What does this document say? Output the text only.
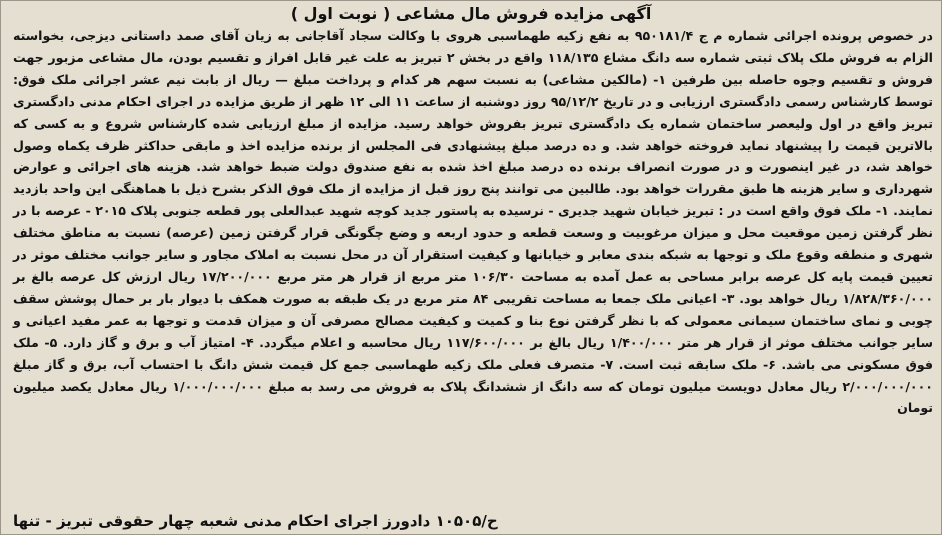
آگهی مزایده فروش مال مشاعی ( نوبت اول )
در خصوص پرونده اجرائی شماره م ج ۹۵۰۱۸۱/۴ به نفع زکیه طهماسبی هروی با وکالت سجاد آقاجانی به زیان آقای صمد داستانی دیزجی، بخواسته الزام به فروش ملک پلاک ثبتی شماره سه دانگ مشاع ۱۱۸/۱۳۵ واقع در بخش ۲ تبریز به علت غیر قابل افراز و تقسیم بودن، مال مشاعی مزبور جهت فروش و تقسیم وجوه حاصله بین طرفین ۱- (مالکین مشاعی) به نسبت سهم هر کدام و پرداخت مبلغ — ریال از بابت نیم عشر اجرائی ملک فوق: توسط کارشناس رسمی دادگستری ارزیابی و در تاریخ ۹۵/۱۲/۲ روز دوشنبه از ساعت ۱۱ الی ۱۲ ظهر از طریق مزایده در اجرای احکام مدنی دادگستری تبریز واقع در اول ولیعصر ساختمان شماره یک دادگستری تبریز بفروش خواهد رسید. مزایده از مبلغ ارزیابی شده کارشناس شروع و به کسی که بالاترین قیمت را پیشنهاد نماید فروخته خواهد شد. و ده درصد مبلغ پیشنهادی فی المجلس از برنده مزایده اخذ و مابقی حداکثر ظرف یکماه وصول خواهد شد، در غیر اینصورت و در صورت انصراف برنده ده درصد مبلغ اخذ شده به نفع صندوق دولت ضبط خواهد شد. هزینه های اجرائی و عوارض شهرداری و سایر هزینه ها طبق مقررات خواهد بود. طالبین می توانند پنج روز قبل از مزایده از ملک فوق الذکر بشرح ذیل با هماهنگی این واحد بازدید نمایند. ۱- ملک فوق واقع است در : تبریز خیابان شهید جدیری - نرسیده به پاستور جدید کوچه شهید عبدالعلی پور قطعه جنوبی پلاک ۲۰۱۵ - عرصه با در نظر گرفتن زمین موقعیت محل و میزان مرغوبیت و وسعت قطعه و حدود اربعه و وضع چگونگی قرار گرفتن زمین (عرصه) نسبت به مناطق مختلف شهری و منطقه وقوع ملک و توجها به شبکه بندی معابر و خیابانها و کیفیت استقرار آن در محل نسبت به املاک مجاور و سایر جوانب مختلف موثر در تعیین قیمت پایه کل عرصه برابر مساحی به عمل آمده به مساحت ۱۰۶/۳۰ متر مربع از قرار هر متر مربع ۱۷/۲۰۰/۰۰۰ ریال ارزش کل عرصه بالغ بر ۱/۸۲۸/۳۶۰/۰۰۰ ریال خواهد بود. ۳- اعیانی ملک جمعا به مساحت تقریبی ۸۴ متر مربع در یک طبقه به صورت همکف با دیوار بار بر حمال پوشش سقف چوبی و نمای ساختمان سیمانی معمولی که با نظر گرفتن نوع بنا و کمیت و کیفیت مصالح مصرفی آن و میزان قدمت و توجها به عمر مفید اعیانی و سایر جوانب مختلف موثر از قرار هر متر ۱/۴۰۰/۰۰۰ ریال بالغ بر ۱۱۷/۶۰۰/۰۰۰ ریال محاسبه و اعلام میگردد. ۴- امتیاز آب و برق و گاز دارد. ۵- ملک فوق مسکونی می باشد. ۶- ملک سابقه ثبت است. ۷- متصرف فعلی ملک زکیه طهماسبی جمع کل قیمت شش دانگ با احتساب آب، برق و گاز مبلغ ۲/۰۰۰/۰۰۰/۰۰۰ ریال معادل دویست میلیون تومان که سه دانگ از ششدانگ پلاک به فروش می رسد به مبلغ ۱/۰۰۰/۰۰۰/۰۰۰ ریال معادل یکصد میلیون تومان
ح/۱۰۵۰۵ دادورز اجرای احکام مدنی شعبه چهار حقوقی تبریز - تنها
